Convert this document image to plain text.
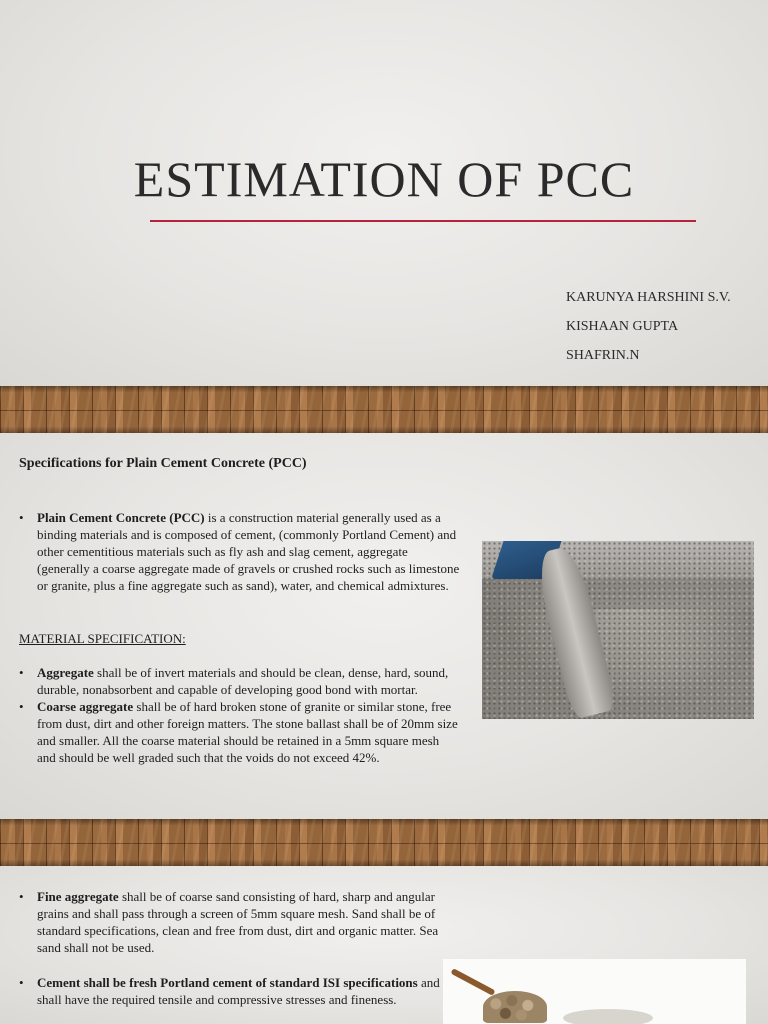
ESTIMATION OF PCC
KARUNYA HARSHINI S.V.
KISHAAN GUPTA
SHAFRIN.N
Specifications for Plain Cement Concrete (PCC)
• Plain Cement Concrete (PCC) is a construction material generally used as a binding materials and is composed of cement, (commonly Portland Cement) and other cementitious materials such as fly ash and slag cement, aggregate (generally a coarse aggregate made of gravels or crushed rocks such as limestone or granite, plus a fine aggregate such as sand), water, and chemical admixtures.
MATERIAL SPECIFICATION:
• Aggregate shall be of invert materials and should be clean, dense, hard, sound, durable, nonabsorbent and capable of developing good bond with mortar.
• Coarse aggregate shall be of hard broken stone of granite or similar stone, free from dust, dirt and other foreign matters. The stone ballast shall be of 20mm size and smaller. All the coarse material should be retained in a 5mm square mesh and should be well graded such that the voids do not exceed 42%.
• Fine aggregate shall be of coarse sand consisting of hard, sharp and angular grains and shall pass through a screen of 5mm square mesh. Sand shall be of standard specifications, clean and free from dust, dirt and organic matter. Sea sand shall not be used.
• Cement shall be fresh Portland cement of standard ISI specifications and shall have the required tensile and compressive stresses and fineness.
